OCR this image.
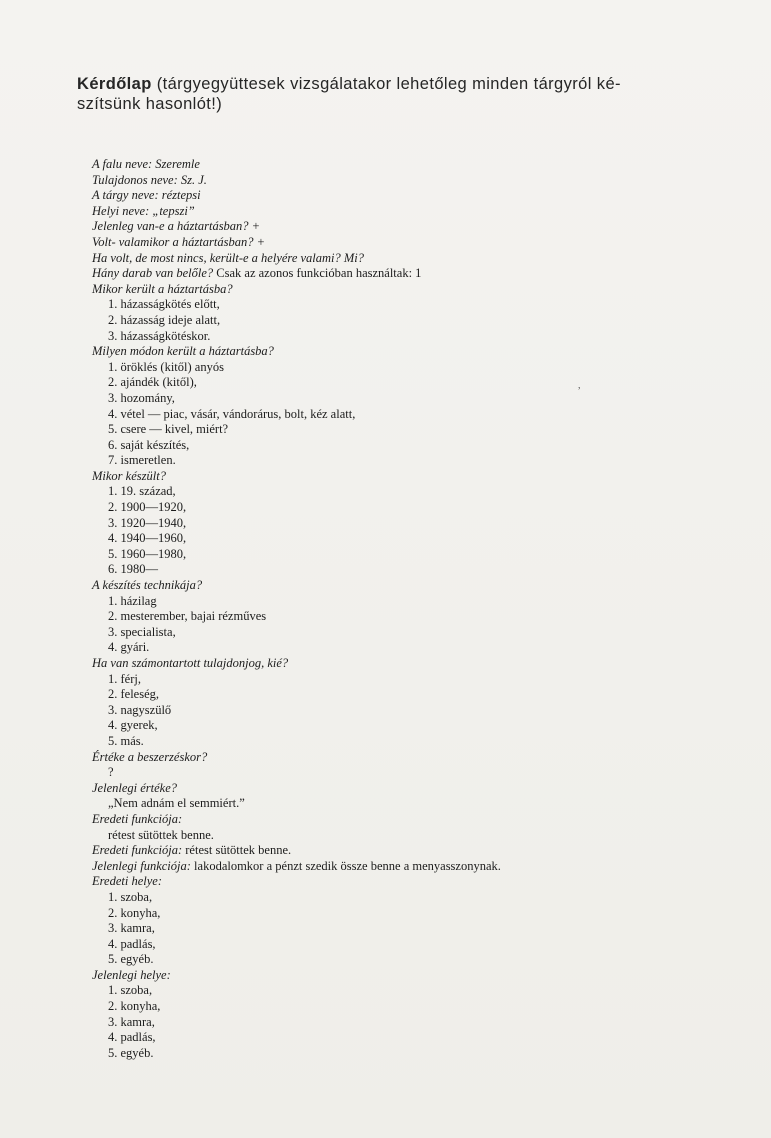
Kérdőlap (tárgyegyüttesek vizsgálatakor lehetőleg minden tárgyról ké-
szítsünk hasonlót!)
,
A falu neve: Szeremle
Tulajdonos neve: Sz. J.
A tárgy neve: réztepsi
Helyi neve: „tepszi”
Jelenleg van-e a háztartásban? +
Volt- valamikor a háztartásban? +
Ha volt, de most nincs, került-e a helyére valami? Mi?
Hány darab van belőle? Csak az azonos funkcióban használtak: 1
Mikor került a háztartásba?
1. házasságkötés előtt,
2. házasság ideje alatt,
3. házasságkötéskor.
Milyen módon került a háztartásba?
1. öröklés (kitől) anyós
2. ajándék (kitől),
3. hozomány,
4. vétel — piac, vásár, vándorárus, bolt, kéz alatt,
5. csere — kivel, miért?
6. saját készítés,
7. ismeretlen.
Mikor készült?
1. 19. század,
2. 1900—1920,
3. 1920—1940,
4. 1940—1960,
5. 1960—1980,
6. 1980—
A készítés technikája?
1. házilag
2. mesterember, bajai rézműves
3. specialista,
4. gyári.
Ha van számontartott tulajdonjog, kié?
1. férj,
2. feleség,
3. nagyszülő
4. gyerek,
5. más.
Értéke a beszerzéskor?
?
Jelenlegi értéke?
„Nem adnám el semmiért.”
Eredeti funkciója:
rétest sütöttek benne.
Eredeti funkciója: rétest sütöttek benne.
Jelenlegi funkciója: lakodalomkor a pénzt szedik össze benne a menyasszonynak.
Eredeti helye:
1. szoba,
2. konyha,
3. kamra,
4. padlás,
5. egyéb.
Jelenlegi helye:
1. szoba,
2. konyha,
3. kamra,
4. padlás,
5. egyéb.
